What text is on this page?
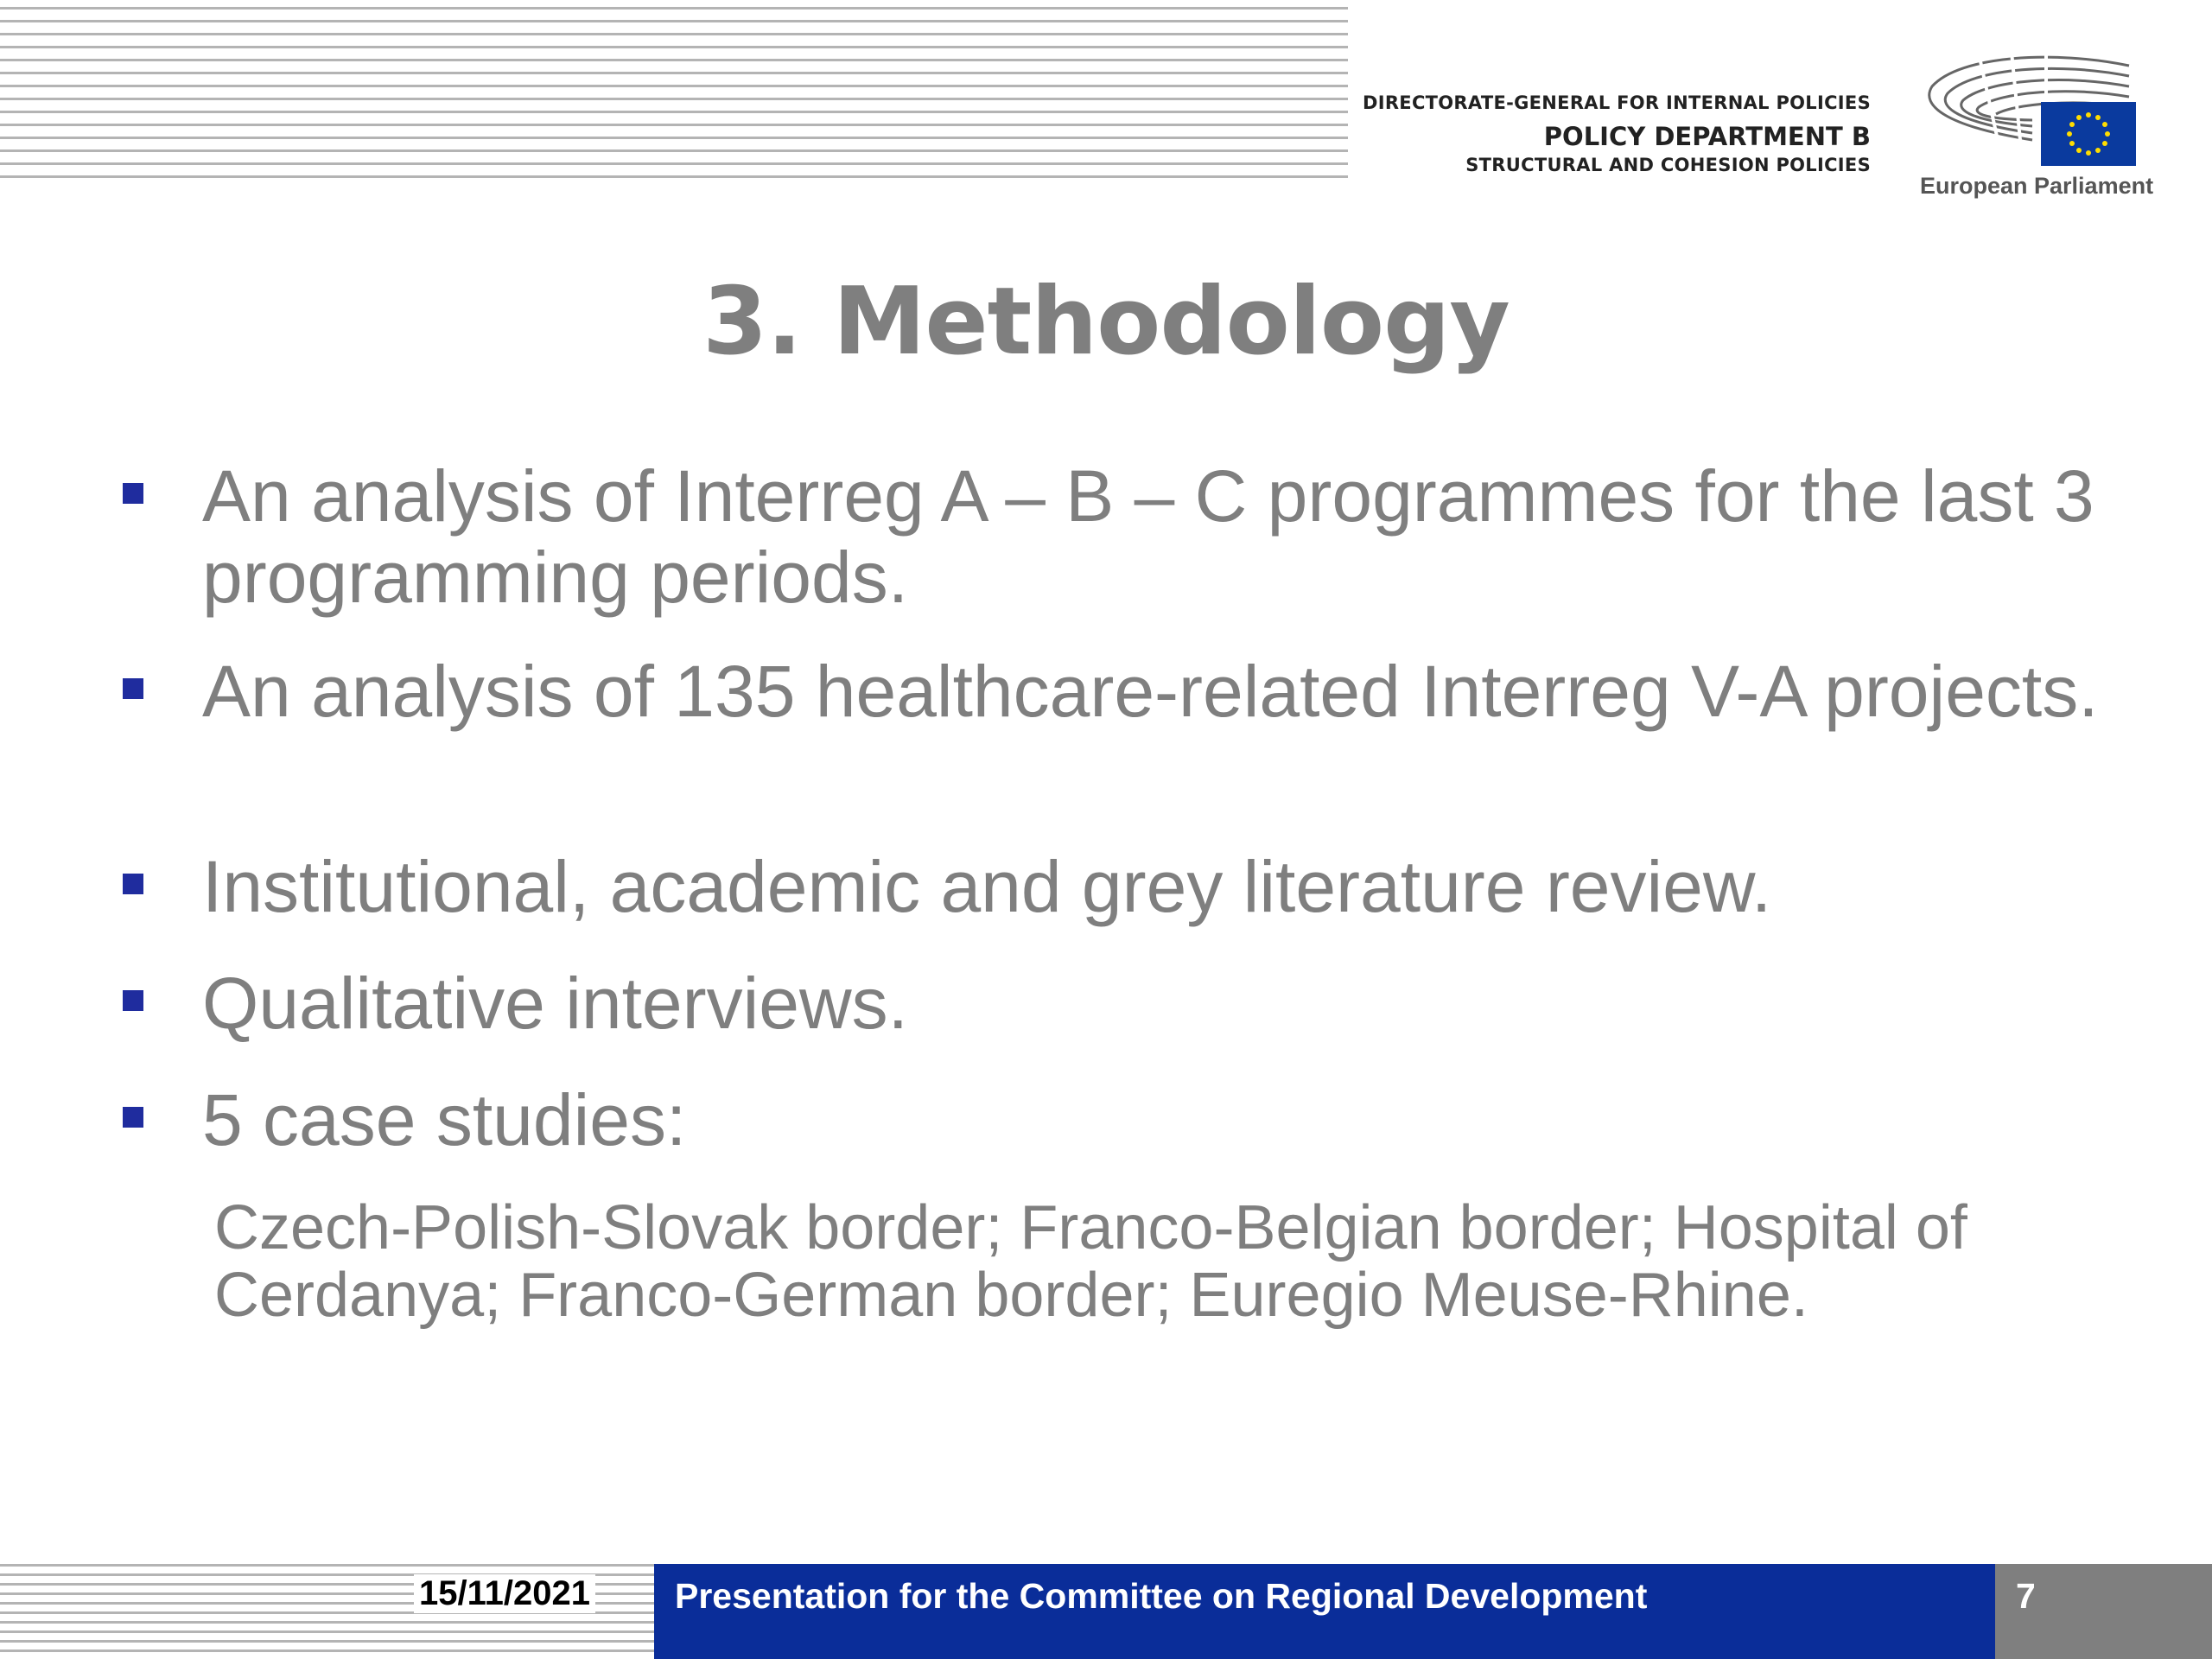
DIRECTORATE-GENERAL FOR INTERNAL POLICIES
POLICY DEPARTMENT B
STRUCTURAL AND COHESION POLICIES
European Parliament
3. Methodology
An analysis of Interreg A – B – C programmes for the last 3 programming periods.
An analysis of 135 healthcare-related Interreg V-A projects.
Institutional, academic and grey literature review.
Qualitative interviews.
5 case studies:
Czech-Polish-Slovak border; Franco-Belgian border; Hospital of Cerdanya; Franco-German border; Euregio Meuse-Rhine.
15/11/2021 Presentation for the Committee on Regional Development	7
